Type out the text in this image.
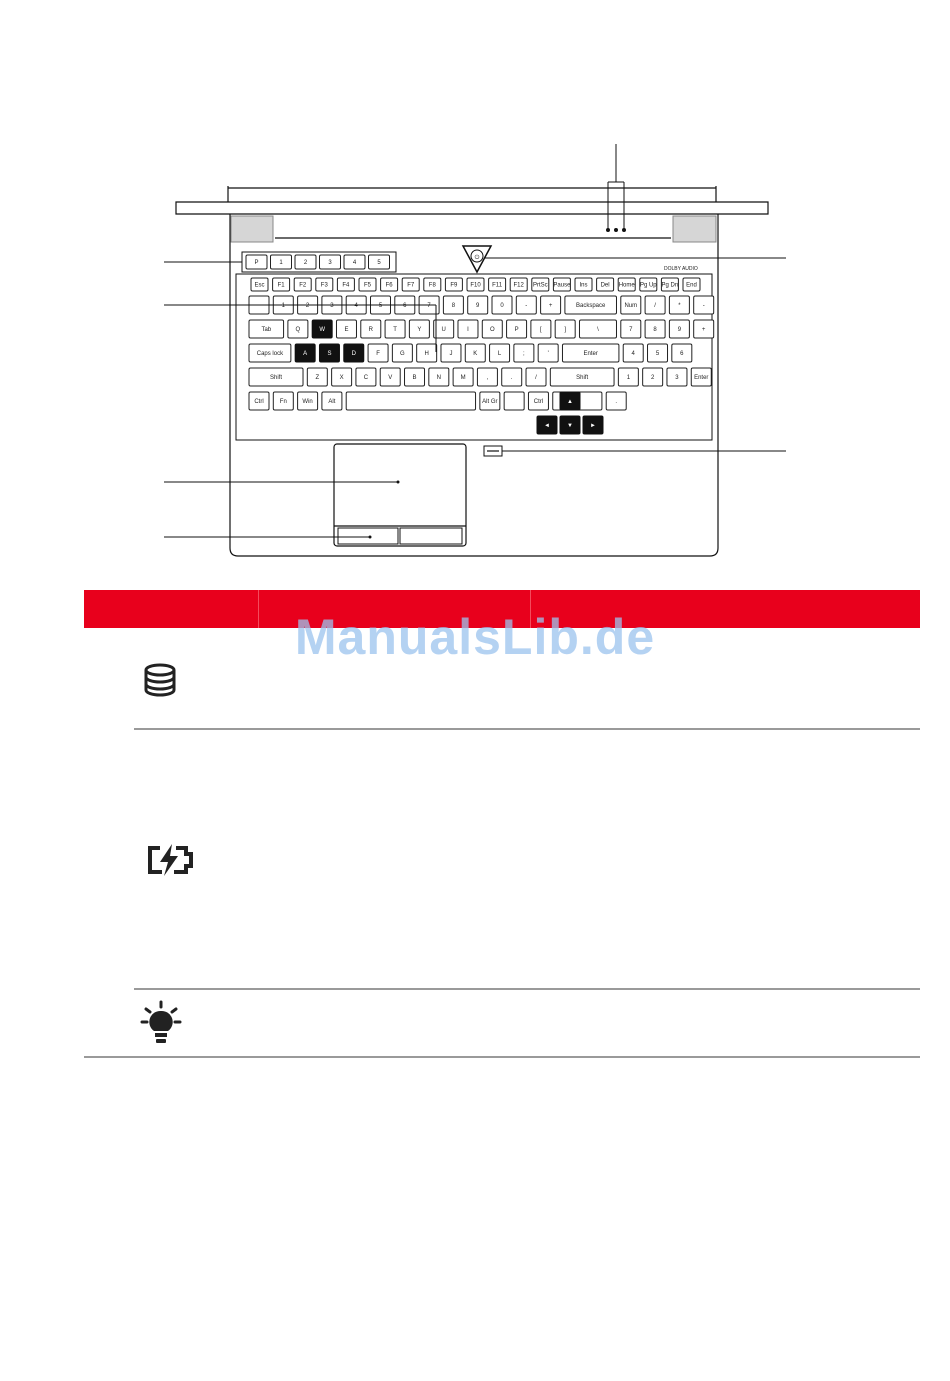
P	1	2	3	4	5
⏻
DOLBY AUDIO
Esc F1 F2 F3 F4 F5 F6 F7 F8 F9 F10 F11 F12 PrtSc Pause Ins Del Home Pg Up Pg Dn End
~	1	2	3	4	5	6	7	8	9	0	-	+	Backspace	Num	/	*	-
Tab	Q	W	E	R	T	Y	U	I	O	P	[	]	\	7	8	9	+
Caps lock	A	S	D	F	G	H	J	K	L	;	'	Enter	4	5	6
Shift	Z	X	C	V	B	N	M	,	.	/	Shift	1	2	3	Enter
Ctrl	Fn	Win	Alt	Alt Gr	Ctrl	.
▲
◄	▼	►
ManualsLib.de
